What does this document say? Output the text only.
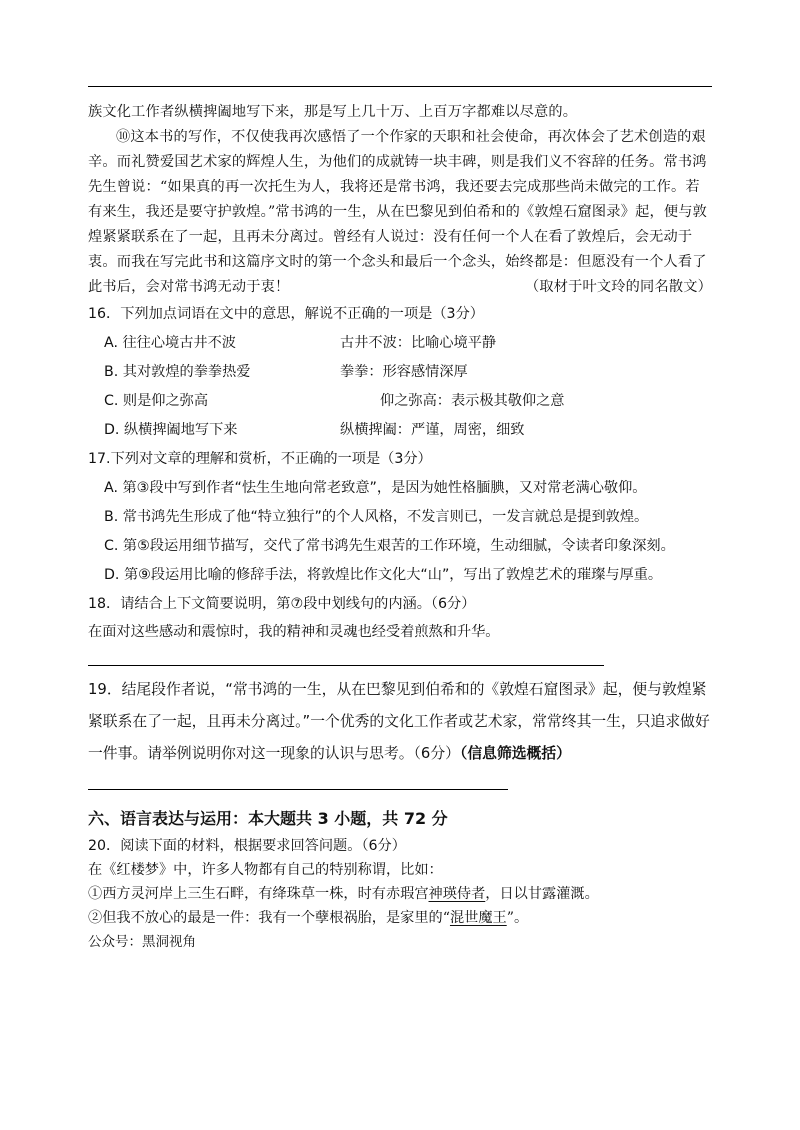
族文化工作者纵横捭阖地写下来，那是写上几十万、上百万字都难以尽意的。

⑩这本书的写作，不仅使我再次感悟了一个作家的天职和社会使命，再次体会了艺术创造的艰辛。而礼赞爱国艺术家的辉煌人生，为他们的成就铸一块丰碑，则是我们义不容辞的任务。常书鸿先生曾说：“如果真的再一次托生为人，我将还是常书鸿，我还要去完成那些尚未做完的工作。若有来生，我还是要守护敦煌。”常书鸿的一生，从在巴黎见到伯希和的《敦煌石窟图录》起，便与敦煌紧紧联系在了一起，且再未分离过。曾经有人说过：没有任何一个人在看了敦煌后，会无动于衷。而我在写完此书和这篇序文时的第一个念头和最后一个念头，始终都是：但愿没有一个人看了此书后，会对常书鸿无动于衷！	（取材于叶文玲的同名散文）

16．下列加点词语在文中的意思，解说不正确的一项是（3分）

A. 往往心境古井不波	古井不波：比喻心境平静
B. 其对敦煌的拳拳热爱	拳拳：形容感情深厚
C. 则是仰之弥高	仰之弥高：表示极其敬仰之意
D. 纵横捭阖地写下来	纵横捭阖：严谨，周密，细致

17.下列对文章的理解和赏析，不正确的一项是（3分）

A. 第③段中写到作者“怯生生地向常老致意”，是因为她性格腼腆，又对常老满心敬仰。

B. 常书鸿先生形成了他“特立独行”的个人风格，不发言则已，一发言就总是提到敦煌。

C. 第⑤段运用细节描写，交代了常书鸿先生艰苦的工作环境，生动细腻，令读者印象深刻。

D. 第⑨段运用比喻的修辞手法，将敦煌比作文化大“山”，写出了敦煌艺术的璀璨与厚重。

18．请结合上下文简要说明，第⑦段中划线句的内涵。（6分）

在面对这些感动和震惊时，我的精神和灵魂也经受着煎熬和升华。

19．结尾段作者说，“常书鸿的一生，从在巴黎见到伯希和的《敦煌石窟图录》起，便与敦煌紧紧联系在了一起，且再未分离过。”一个优秀的文化工作者或艺术家，常常终其一生，只追求做好一件事。请举例说明你对这一现象的认识与思考。（6分）（信息筛选概括）

六、语言表达与运用：本大题共 3 小题，共 72 分

20．阅读下面的材料，根据要求回答问题。（6分）

在《红楼梦》中，许多人物都有自己的特别称谓，比如：

①西方灵河岸上三生石畔，有绛珠草一株，时有赤瑕宫神瑛侍者，日以甘露灌溉。

②但我不放心的最是一件：我有一个孽根祸胎，是家里的“混世魔王”。

公众号：黑洞视角
